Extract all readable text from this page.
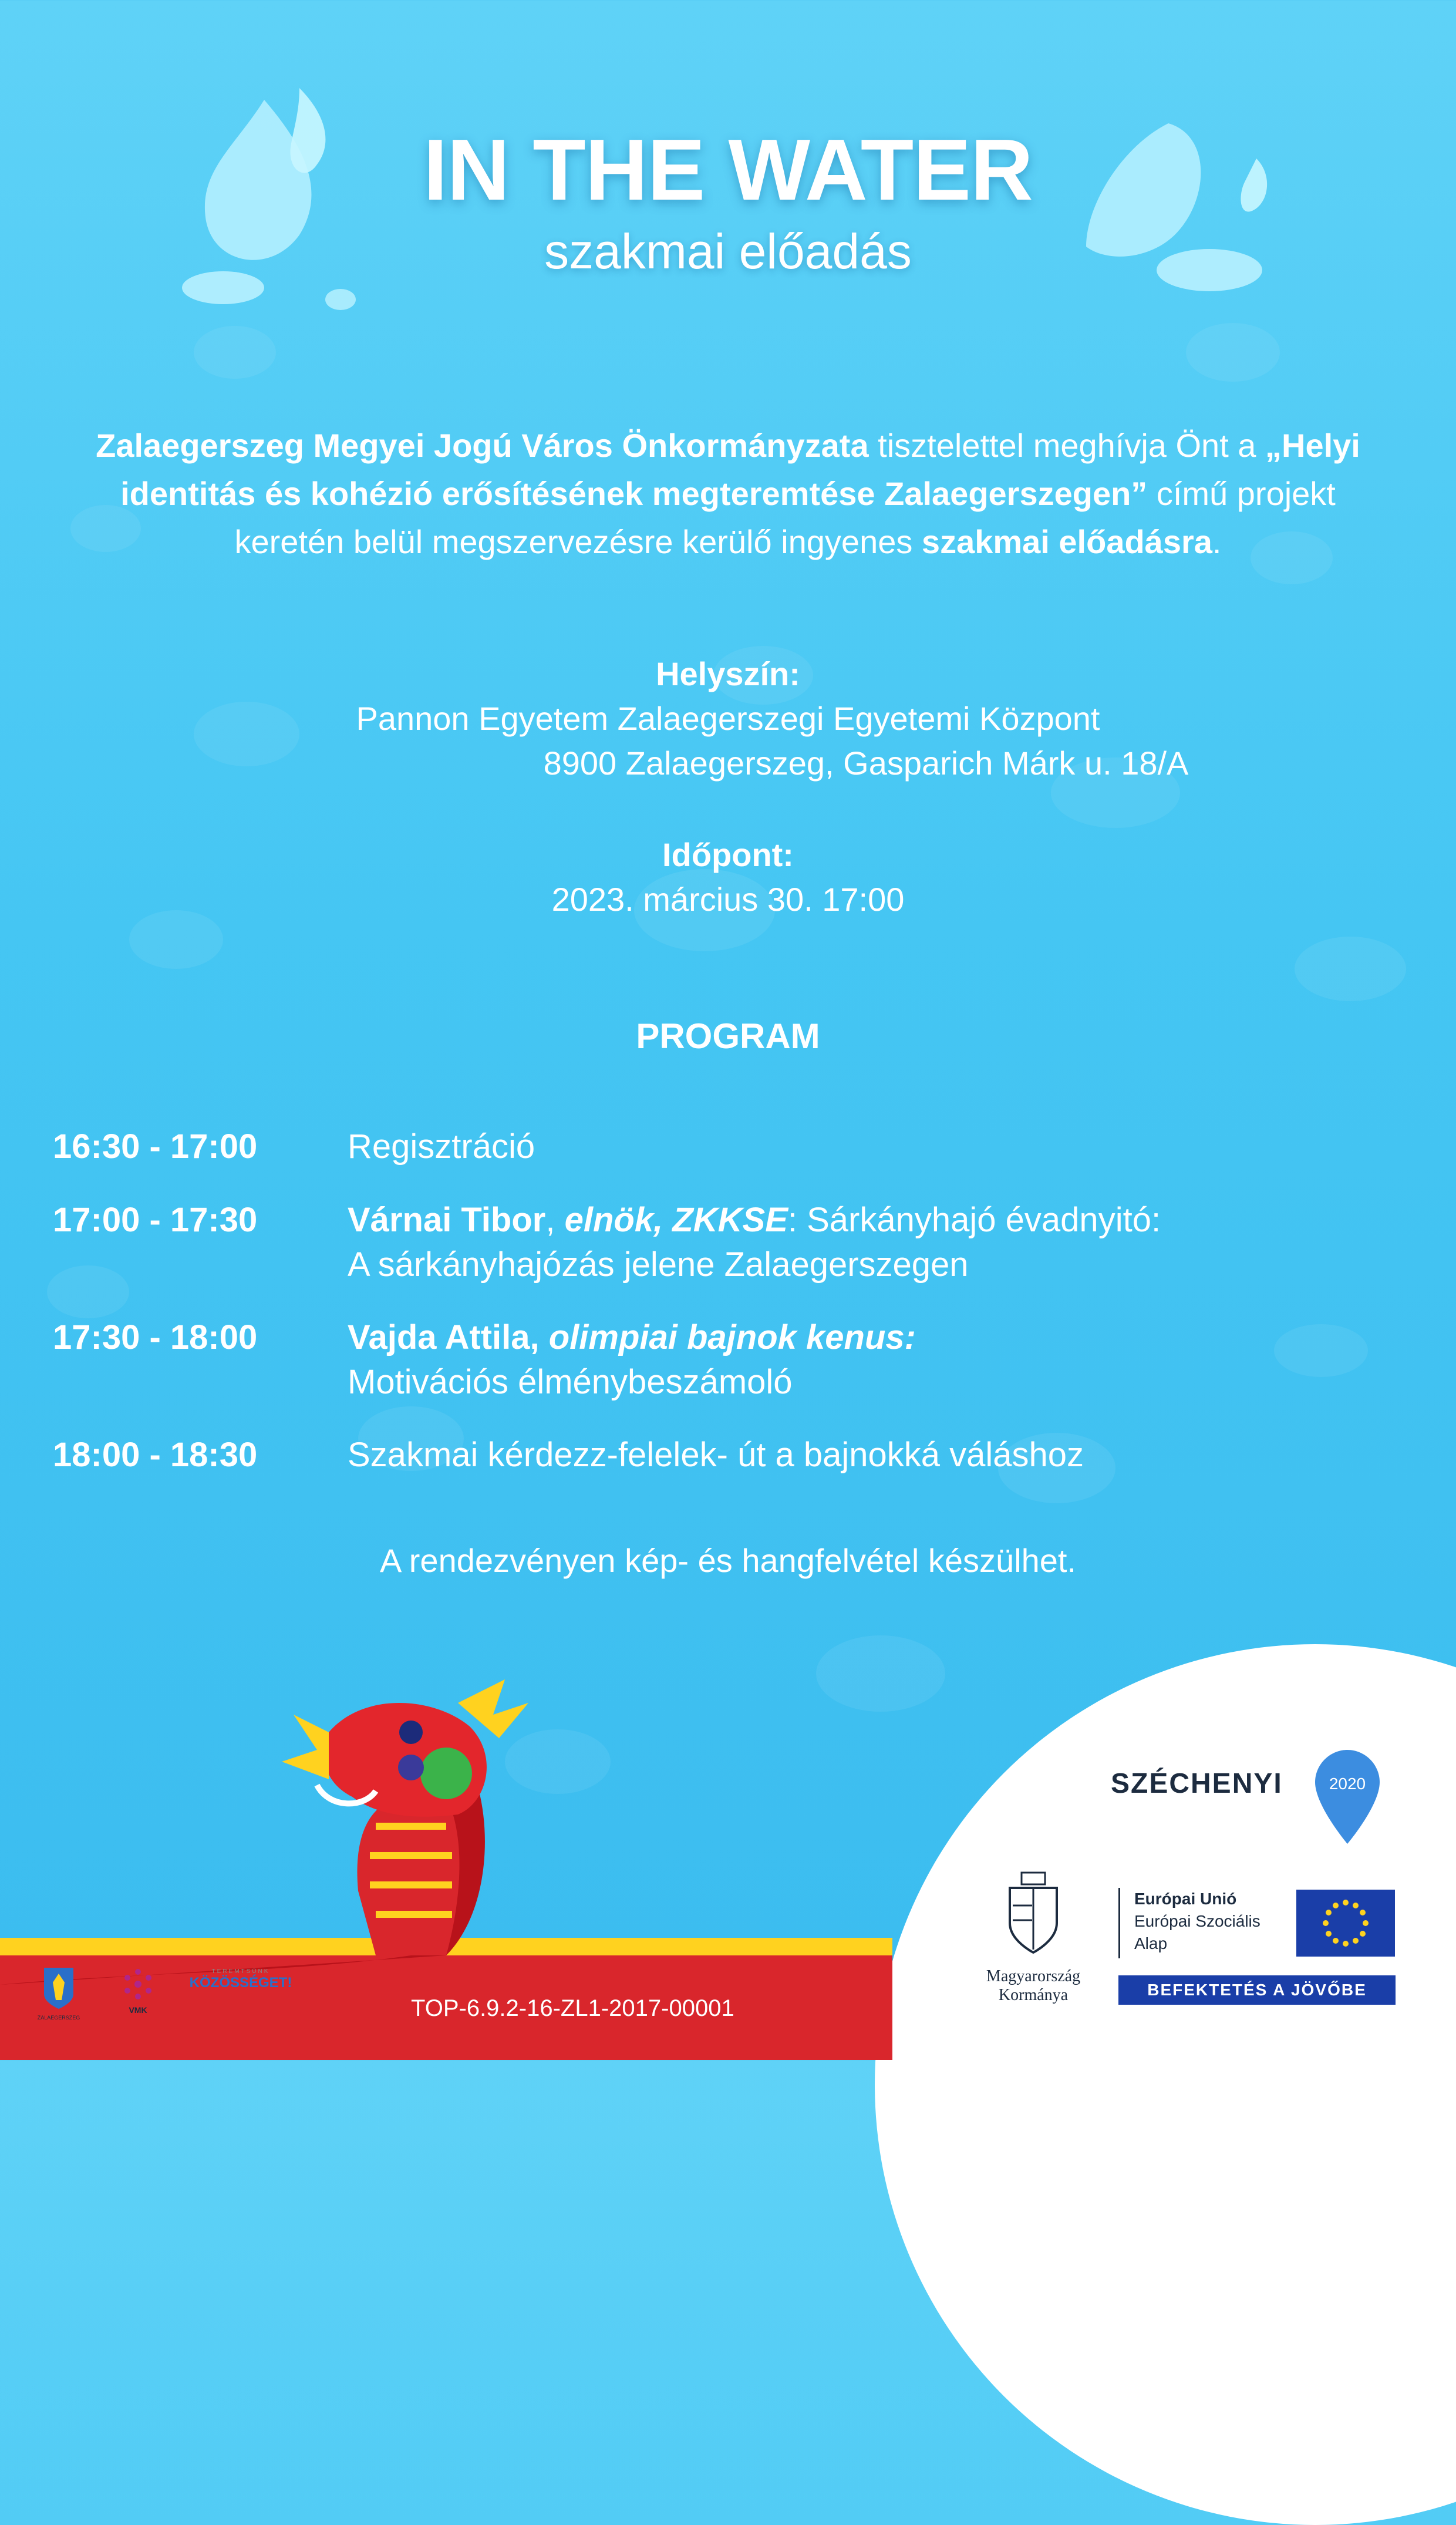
IN THE WATER
szakmai előadás
Zalaegerszeg Megyei Jogú Város Önkormányzata tisztelettel meghívja Önt a „Helyi identitás és kohézió erősítésének megteremtése Zalaegerszegen” című projekt keretén belül megszervezésre kerülő ingyenes szakmai előadásra.
Helyszín:
Pannon Egyetem Zalaegerszegi Egyetemi Központ
8900 Zalaegerszeg, Gasparich Márk u. 18/A
Időpont:
2023. március 30. 17:00
PROGRAM
16:30 - 17:00	Regisztráció
17:00 - 17:30	Várnai Tibor, elnök, ZKKSE: Sárkányhajó évadnyitó:
A sárkányhajózás jelene Zalaegerszegen
17:30 - 18:00	Vajda Attila, olimpiai bajnok kenus:
Motivációs élménybeszámoló
18:00 - 18:30	Szakmai kérdezz-felelek- út a bajnokká váláshoz
A rendezvényen kép- és hangfelvétel készülhet.
SZÉCHENYI	2020
Magyarország
Kormánya
Európai Unió
Európai Szociális
Alap
BEFEKTETÉS A JÖVŐBE
TOP-6.9.2-16-ZL1-2017-00001
ZALAEGERSZEG
VMK
TEREMTSÜNK
KÖZÖSSÉGET!
